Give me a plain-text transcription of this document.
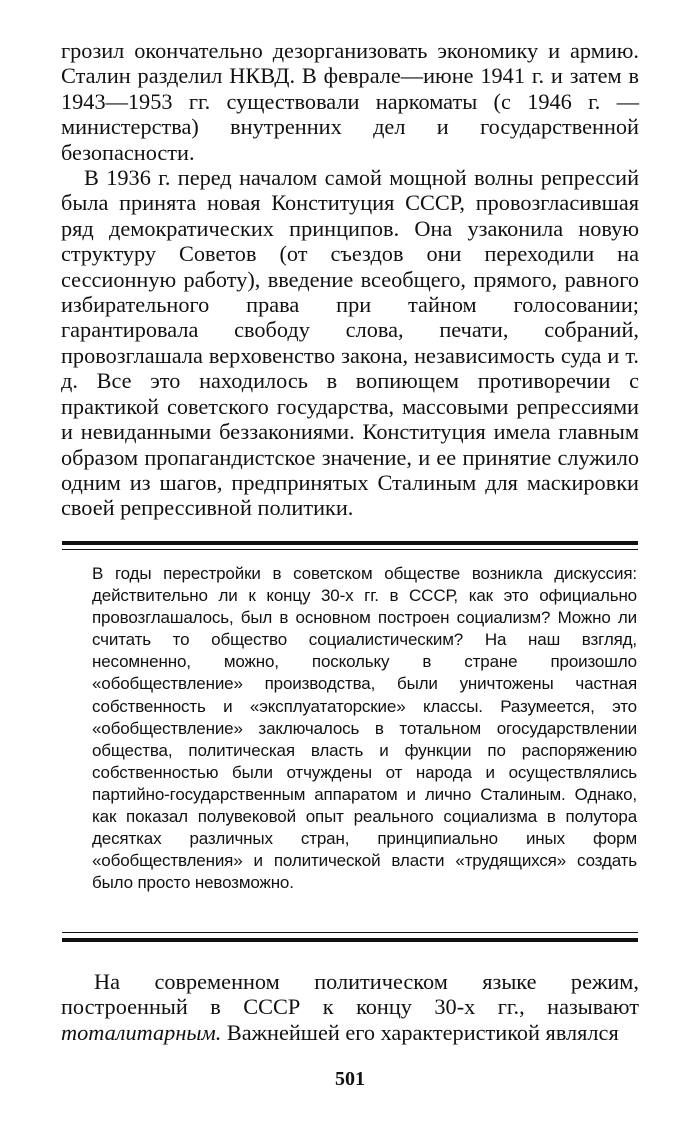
грозил окончательно дезорганизовать экономику и армию. Сталин разделил НКВД. В феврале—июне 1941 г. и затем в 1943—1953 гг. существовали наркоматы (с 1946 г. — министерства) внутренних дел и государственной безопасности.

В 1936 г. перед началом самой мощной волны репрессий была принята новая Конституция СССР, провозгласившая ряд демократических принципов. Она узаконила новую структуру Советов (от съездов они переходили на сессионную работу), введение всеобщего, прямого, равного избирательного права при тайном голосовании; гарантировала свободу слова, печати, собраний, провозглашала верховенство закона, независимость суда и т. д. Все это находилось в вопиющем противоречии с практикой советского государства, массовыми репрессиями и невиданными беззакониями. Конституция имела главным образом пропагандистское значение, и ее принятие служило одним из шагов, предпринятых Сталиным для маскировки своей репрессивной политики.

В годы перестройки в советском обществе возникла дискуссия: действительно ли к концу 30-х гг. в СССР, как это официально провозглашалось, был в основном построен социализм? Можно ли считать то общество социалистическим? На наш взгляд, несомненно, можно, поскольку в стране произошло «обобществление» производства, были уничтожены частная собственность и «эксплуататорские» классы. Разумеется, это «обобществление» заключалось в тотальном огосударствлении общества, политическая власть и функции по распоряжению собственностью были отчуждены от народа и осуществлялись партийно-государственным аппаратом и лично Сталиным. Однако, как показал полувековой опыт реального социализма в полутора десятках различных стран, принципиально иных форм «обобществления» и политической власти «трудящихся» создать было просто невозможно.

На современном политическом языке режим, построенный в СССР к концу 30-х гг., называют тоталитарным. Важнейшей его характеристикой являлся

501
